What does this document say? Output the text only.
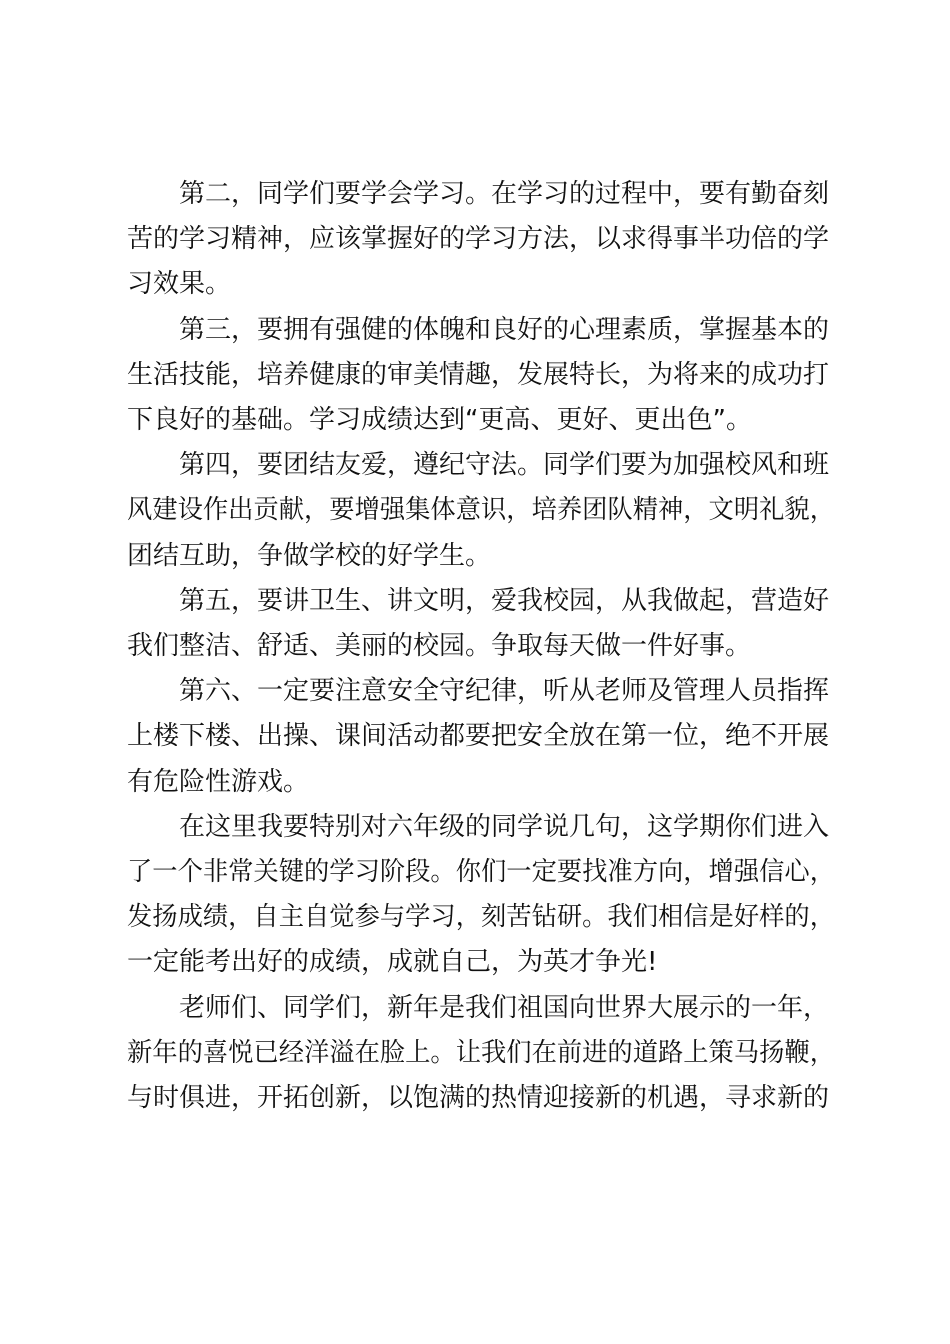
第二，同学们要学会学习。在学习的过程中，要有勤奋刻
苦的学习精神，应该掌握好的学习方法，以求得事半功倍的学
习效果。
第三，要拥有强健的体魄和良好的心理素质，掌握基本的
生活技能，培养健康的审美情趣，发展特长，为将来的成功打
下良好的基础。学习成绩达到“更高、更好、更出色”。
第四，要团结友爱，遵纪守法。同学们要为加强校风和班
风建设作出贡献，要增强集体意识，培养团队精神，文明礼貌，
团结互助，争做学校的好学生。
第五，要讲卫生、讲文明，爱我校园，从我做起，营造好
我们整洁、舒适、美丽的校园。争取每天做一件好事。
第六、一定要注意安全守纪律，听从老师及管理人员指挥
上楼下楼、出操、课间活动都要把安全放在第一位，绝不开展
有危险性游戏。
在这里我要特别对六年级的同学说几句，这学期你们进入
了一个非常关键的学习阶段。你们一定要找准方向，增强信心，
发扬成绩，自主自觉参与学习，刻苦钻研。我们相信是好样的，
一定能考出好的成绩，成就自己，为英才争光!
老师们、同学们，新年是我们祖国向世界大展示的一年，
新年的喜悦已经洋溢在脸上。让我们在前进的道路上策马扬鞭，
与时俱进，开拓创新，以饱满的热情迎接新的机遇，寻求新的
